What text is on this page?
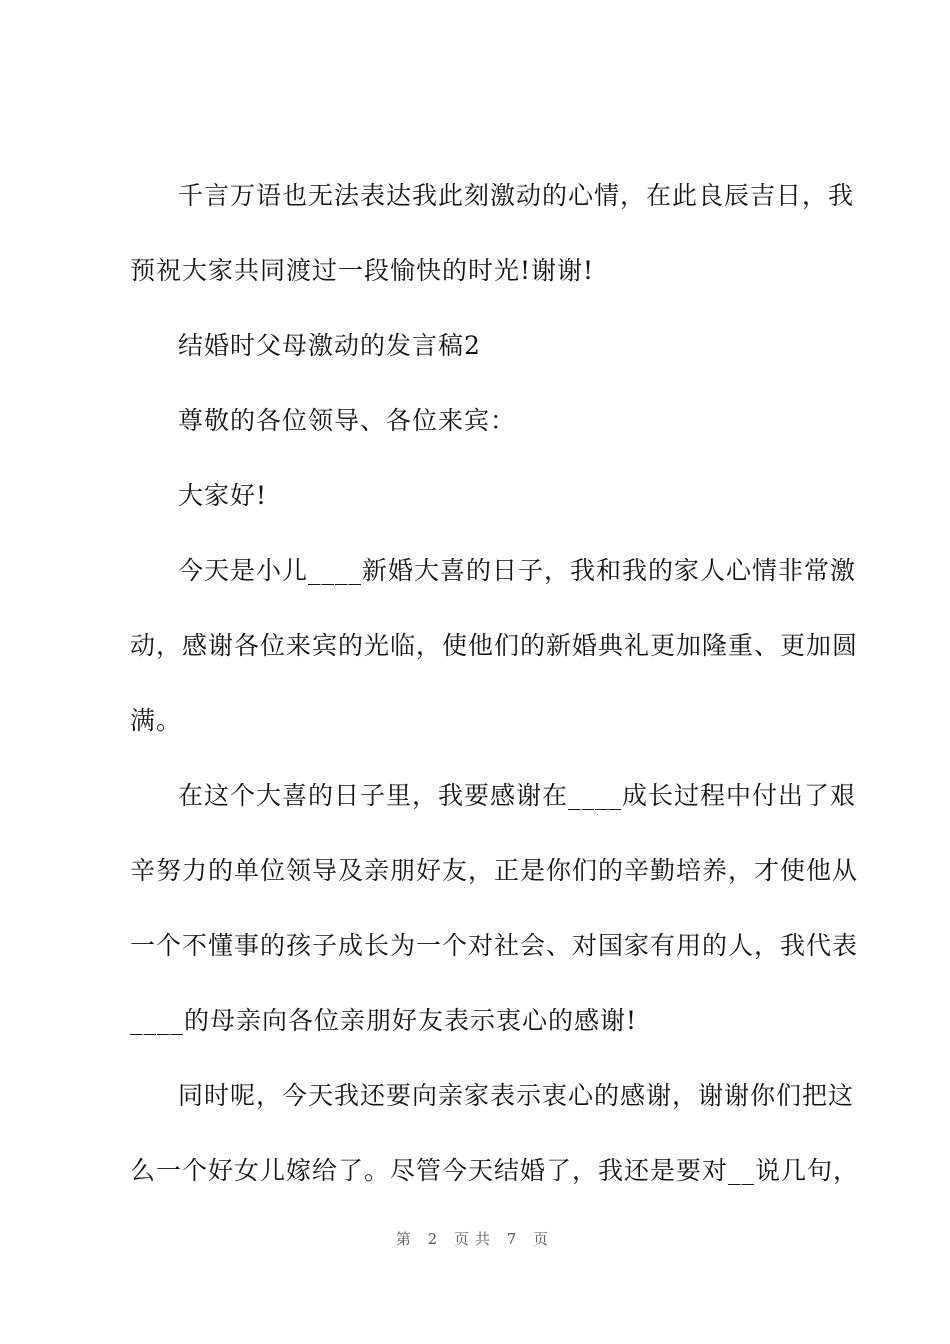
千言万语也无法表达我此刻激动的心情，在此良辰吉日，我
预祝大家共同渡过一段愉快的时光!谢谢!
结婚时父母激动的发言稿2
尊敬的各位领导、各位来宾：
大家好!
今天是小儿____新婚大喜的日子，我和我的家人心情非常激
动，感谢各位来宾的光临，使他们的新婚典礼更加隆重、更加圆
满。
在这个大喜的日子里，我要感谢在____成长过程中付出了艰
辛努力的单位领导及亲朋好友，正是你们的辛勤培养，才使他从
一个不懂事的孩子成长为一个对社会、对国家有用的人，我代表
____的母亲向各位亲朋好友表示衷心的感谢!
同时呢，今天我还要向亲家表示衷心的感谢，谢谢你们把这
么一个好女儿嫁给了。尽管今天结婚了，我还是要对__说几句，
第 2 页共 7 页
